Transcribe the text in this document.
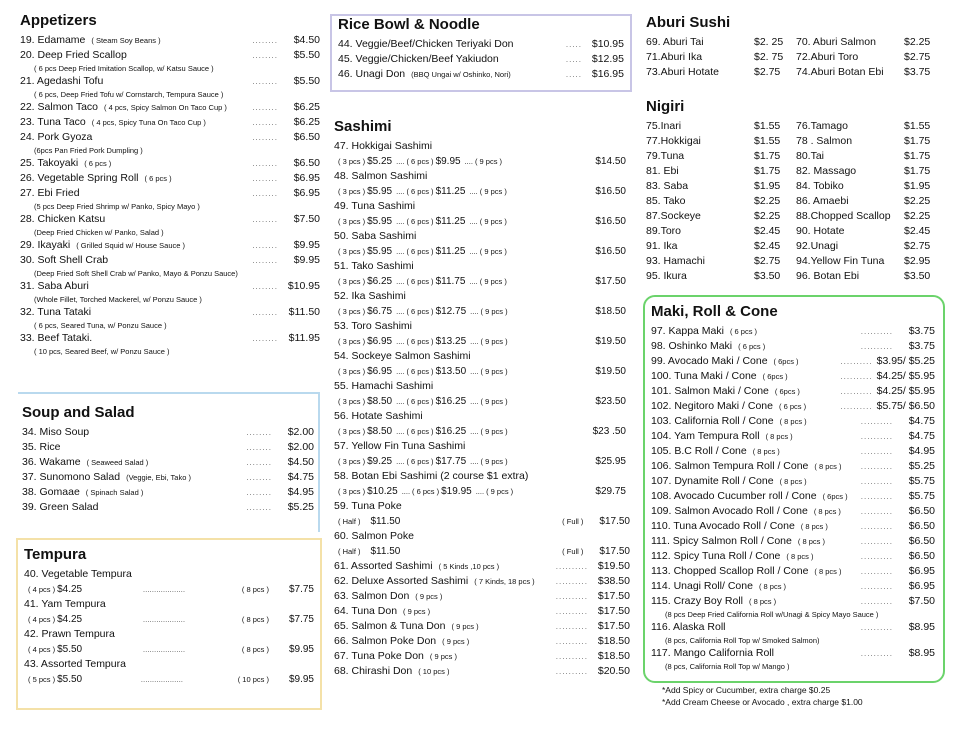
Appetizers
19. Edamame ( Steam Soy Beans )	........	$4.50
20. Deep Fried Scallop	........	$5.50
( 6 pcs Deep Fried Imitation Scallop, w/ Katsu Sauce )
21. Agedashi Tofu	........	$5.50
( 6 pcs, Deep Fried Tofu w/ Cornstarch, Tempura Sauce )
22. Salmon Taco ( 4 pcs, Spicy Salmon On Taco Cup )	........	$6.25
23. Tuna Taco ( 4 pcs, Spicy Tuna On Taco Cup )	........	$6.25
24. Pork Gyoza	........	$6.50
(6pcs Pan Fried Pork Dumpling )
25. Takoyaki ( 6 pcs )	........	$6.50
26. Vegetable Spring Roll ( 6 pcs )	........	$6.95
27. Ebi Fried	........	$6.95
(5 pcs Deep Fried Shrimp w/ Panko, Spicy Mayo )
28. Chicken Katsu	........	$7.50
(Deep Fried Chicken w/ Panko, Salad )
29. Ikayaki ( Grilled Squid w/ House Sauce )	........	$9.95
30. Soft Shell Crab	........	$9.95
(Deep Fried Soft Shell Crab w/ Panko, Mayo & Ponzu Sauce)
31. Saba Aburi	........ $10.95
(Whole Fillet, Torched Mackerel, w/ Ponzu Sauce )
32. Tuna Tataki	........	$11.50
( 6 pcs, Seared Tuna, w/ Ponzu Sauce )
33. Beef Tataki.	........	$11.95
( 10 pcs, Seared Beef, w/ Ponzu Sauce )
Soup and Salad
34. Miso Soup	........	$2.00
35. Rice	........	$2.00
36. Wakame ( Seaweed Salad )	........	$4.50
37. Sunomono Salad (Veggie, Ebi, Tako )	........	$4.75
38. Gomaae ( Spinach Salad )	........	$4.95
39. Green Salad	........	$5.25
Tempura
40. Vegetable Tempura
( 4 pcs ) $4.25	...................	( 8 pcs ) $7.75
41. Yam Tempura
( 4 pcs ) $4.25	...................	( 8 pcs ) $7.75
42. Prawn Tempura
( 4 pcs ) $5.50	...................	( 8 pcs ) $9.95
43. Assorted Tempura
( 5 pcs ) $5.50	...................	( 10 pcs ) $9.95
Rice Bowl & Noodle
44. Veggie/Beef/Chicken Teriyaki Don	..... $10.95
45. Veggie/Chicken/Beef Yakiudon	..... $12.95
46. Unagi Don (BBQ Ungai w/ Oshinko, Nori)	..... $16.95
Sashimi
47. Hokkigai Sashimi
( 3 pcs ) $5.25 .... ( 6 pcs ) $9.95 .... ( 9 pcs )	$14.50
48. Salmon Sashimi
( 3 pcs ) $5.95 .... ( 6 pcs ) $11.25 .... ( 9 pcs )	$16.50
49. Tuna Sashimi
( 3 pcs ) $5.95 .... ( 6 pcs ) $11.25 .... ( 9 pcs )	$16.50
50. Saba Sashimi
( 3 pcs ) $5.95 .... ( 6 pcs ) $11.25 .... ( 9 pcs )	$16.50
51. Tako Sashimi
( 3 pcs ) $6.25 .... ( 6 pcs ) $11.75 .... ( 9 pcs )	$17.50
52. Ika Sashimi
( 3 pcs ) $6.75 .... ( 6 pcs ) $12.75 .... ( 9 pcs )	$18.50
53. Toro Sashimi
( 3 pcs ) $6.95 .... ( 6 pcs ) $13.25 .... ( 9 pcs )	$19.50
54. Sockeye Salmon Sashimi
( 3 pcs ) $6.95 .... ( 6 pcs ) $13.50 .... ( 9 pcs )	$19.50
55. Hamachi Sashimi
( 3 pcs ) $8.50 .... ( 6 pcs ) $16.25 .... ( 9 pcs )	$23.50
56. Hotate Sashimi
( 3 pcs ) $8.50 .... ( 6 pcs ) $16.25 .... ( 9 pcs )	$23 .50
57. Yellow Fin Tuna Sashimi
( 3 pcs ) $9.25 .... ( 6 pcs ) $17.75 .... ( 9 pcs )	$25.95
58. Botan Ebi Sashimi (2 course $1 extra)
( 3 pcs ) $10.25 .... ( 6 pcs ) $19.95 .... ( 9 pcs )	$29.75
59. Tuna Poke
( Half ) $11.50	( Full ) $17.50
60. Salmon Poke
( Half ) $11.50	( Full ) $17.50
61. Assorted Sashimi ( 5 Kinds ,10 pcs )	.......... $19.50
62. Deluxe Assorted Sashimi ( 7 Kinds, 18 pcs )	.......... $38.50
63. Salmon Don ( 9 pcs )	.......... $17.50
64. Tuna Don ( 9 pcs )	.......... $17.50
65. Salmon & Tuna Don ( 9 pcs )	.......... $17.50
66. Salmon Poke Don ( 9 pcs )	.......... $18.50
67. Tuna Poke Don ( 9 pcs )	.......... $18.50
68. Chirashi Don ( 10 pcs )	.......... $20.50
Aburi Sushi
69. Aburi Tai	$2. 25	70. Aburi Salmon	$2.25
71.Aburi Ika	$2. 75	72.Aburi Toro	$2.75
73.Aburi Hotate	$2.75	74.Aburi Botan Ebi	$3.75
Nigiri
75.Inari	$1.55	76.Tamago	$1.55
77.Hokkigai	$1.55	78 . Salmon	$1.75
79.Tuna	$1.75	80.Tai	$1.75
81. Ebi	$1.75	82. Massago	$1.75
83. Saba	$1.95	84. Tobiko	$1.95
85. Tako	$2.25	86. Amaebi	$2.25
87.Sockeye	$2.25	88.Chopped Scallop	$2.25
89.Toro	$2.45	90. Hotate	$2.45
91. Ika	$2.45	92.Unagi	$2.75
93. Hamachi	$2.75	94.Yellow Fin Tuna	$2.95
95. Ikura	$3.50	96. Botan Ebi	$3.50
Maki, Roll & Cone
97. Kappa Maki ( 6 pcs )	..........	$3.75
98. Oshinko Maki ( 6 pcs )	..........	$3.75
99. Avocado Maki / Cone ( 6pcs )	.......... $3.95/ $5.25
100. Tuna Maki / Cone ( 6pcs )	.......... $4.25/ $5.95
101. Salmon Maki / Cone ( 6pcs )	.......... $4.25/ $5.95
102. Negitoro Maki / Cone ( 6 pcs )	.......... $5.75/ $6.50
103. California Roll / Cone ( 8 pcs )	..........	$4.75
104. Yam Tempura Roll ( 8 pcs )	..........	$4.75
105. B.C Roll / Cone ( 8 pcs )	..........	$4.95
106. Salmon Tempura Roll / Cone ( 8 pcs )	..........	$5.25
107. Dynamite Roll / Cone ( 8 pcs )	..........	$5.75
108. Avocado Cucumber roll / Cone ( 6pcs )	..........	$5.75
109. Salmon Avocado Roll / Cone ( 8 pcs )	..........	$6.50
110. Tuna Avocado Roll / Cone ( 8 pcs )	..........	$6.50
111. Spicy Salmon Roll / Cone ( 8 pcs )	..........	$6.50
112. Spicy Tuna Roll / Cone ( 8 pcs )	..........	$6.50
113. Chopped Scallop Roll / Cone ( 8 pcs )	..........	$6.95
114. Unagi Roll/ Cone ( 8 pcs )	..........	$6.95
115. Crazy Boy Roll ( 8 pcs )	..........	$7.50
(8 pcs Deep Fried California Roll w/Unagi & Spicy Mayo Sauce )
116. Alaska Roll	..........	$8.95
(8 pcs, California Roll Top w/ Smoked Salmon)
117. Mango California Roll	..........	$8.95
(8 pcs, California Roll Top w/ Mango )
*Add Spicy or Cucumber, extra charge $0.25
*Add Cream Cheese or Avocado , extra charge $1.00
